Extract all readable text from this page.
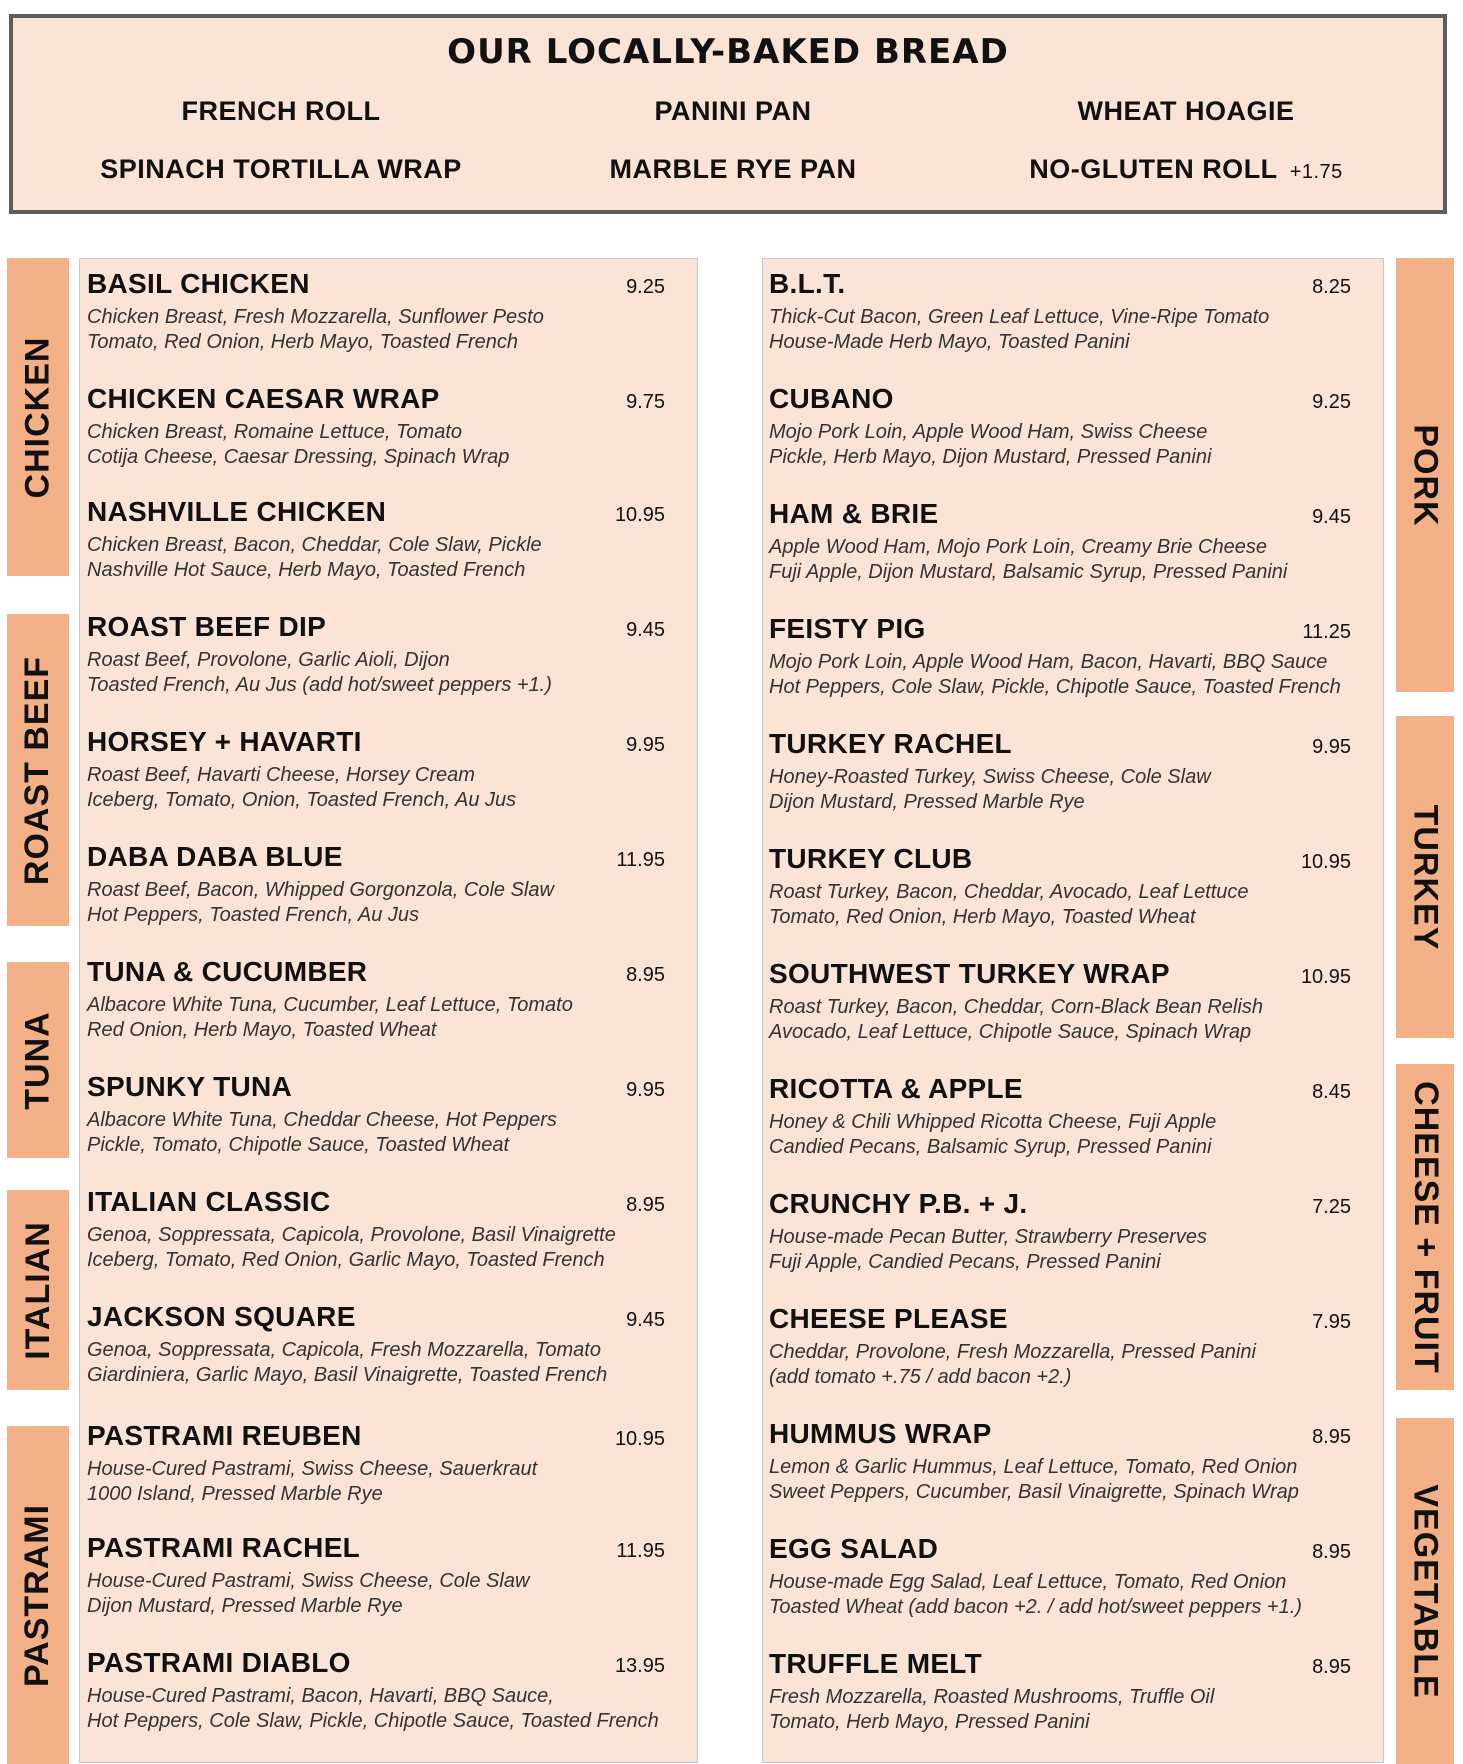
OUR LOCALLY-BAKED BREAD
FRENCH ROLL	PANINI PAN	WHEAT HOAGIE
SPINACH TORTILLA WRAP	MARBLE RYE PAN	NO-GLUTEN ROLL +1.75
CHICKEN
ROAST BEEF
TUNA
ITALIAN
PASTRAMI
PORK
TURKEY
CHEESE + FRUIT
VEGETABLE
BASIL CHICKEN	9.25
Chicken Breast, Fresh Mozzarella, Sunflower Pesto
Tomato, Red Onion, Herb Mayo, Toasted French
CHICKEN CAESAR WRAP	9.75
Chicken Breast, Romaine Lettuce, Tomato
Cotija Cheese, Caesar Dressing, Spinach Wrap
NASHVILLE CHICKEN	10.95
Chicken Breast, Bacon, Cheddar, Cole Slaw, Pickle
Nashville Hot Sauce, Herb Mayo, Toasted French
ROAST BEEF DIP	9.45
Roast Beef, Provolone, Garlic Aioli, Dijon
Toasted French, Au Jus (add hot/sweet peppers +1.)
HORSEY + HAVARTI	9.95
Roast Beef, Havarti Cheese, Horsey Cream
Iceberg, Tomato, Onion, Toasted French, Au Jus
DABA DABA BLUE	11.95
Roast Beef, Bacon, Whipped Gorgonzola, Cole Slaw
Hot Peppers, Toasted French, Au Jus
TUNA & CUCUMBER	8.95
Albacore White Tuna, Cucumber, Leaf Lettuce, Tomato
Red Onion, Herb Mayo, Toasted Wheat
SPUNKY TUNA	9.95
Albacore White Tuna, Cheddar Cheese, Hot Peppers
Pickle, Tomato, Chipotle Sauce, Toasted Wheat
ITALIAN CLASSIC	8.95
Genoa, Soppressata, Capicola, Provolone, Basil Vinaigrette
Iceberg, Tomato, Red Onion, Garlic Mayo, Toasted French
JACKSON SQUARE	9.45
Genoa, Soppressata, Capicola, Fresh Mozzarella, Tomato
Giardiniera, Garlic Mayo, Basil Vinaigrette, Toasted French
PASTRAMI REUBEN	10.95
House-Cured Pastrami, Swiss Cheese, Sauerkraut
1000 Island, Pressed Marble Rye
PASTRAMI RACHEL	11.95
House-Cured Pastrami, Swiss Cheese, Cole Slaw
Dijon Mustard, Pressed Marble Rye
PASTRAMI DIABLO	13.95
House-Cured Pastrami, Bacon, Havarti, BBQ Sauce,
Hot Peppers, Cole Slaw, Pickle, Chipotle Sauce, Toasted French
B.L.T.	8.25
Thick-Cut Bacon, Green Leaf Lettuce, Vine-Ripe Tomato
House-Made Herb Mayo, Toasted Panini
CUBANO	9.25
Mojo Pork Loin, Apple Wood Ham, Swiss Cheese
Pickle, Herb Mayo, Dijon Mustard, Pressed Panini
HAM & BRIE	9.45
Apple Wood Ham, Mojo Pork Loin, Creamy Brie Cheese
Fuji Apple, Dijon Mustard, Balsamic Syrup, Pressed Panini
FEISTY PIG	11.25
Mojo Pork Loin, Apple Wood Ham, Bacon, Havarti, BBQ Sauce
Hot Peppers, Cole Slaw, Pickle, Chipotle Sauce, Toasted French
TURKEY RACHEL	9.95
Honey-Roasted Turkey, Swiss Cheese, Cole Slaw
Dijon Mustard, Pressed Marble Rye
TURKEY CLUB	10.95
Roast Turkey, Bacon, Cheddar, Avocado, Leaf Lettuce
Tomato, Red Onion, Herb Mayo, Toasted Wheat
SOUTHWEST TURKEY WRAP	10.95
Roast Turkey, Bacon, Cheddar, Corn-Black Bean Relish
Avocado, Leaf Lettuce, Chipotle Sauce, Spinach Wrap
RICOTTA & APPLE	8.45
Honey & Chili Whipped Ricotta Cheese, Fuji Apple
Candied Pecans, Balsamic Syrup, Pressed Panini
CRUNCHY P.B. + J.	7.25
House-made Pecan Butter, Strawberry Preserves
Fuji Apple, Candied Pecans, Pressed Panini
CHEESE PLEASE	7.95
Cheddar, Provolone, Fresh Mozzarella, Pressed Panini
(add tomato +.75 / add bacon +2.)
HUMMUS WRAP	8.95
Lemon & Garlic Hummus, Leaf Lettuce, Tomato, Red Onion
Sweet Peppers, Cucumber, Basil Vinaigrette, Spinach Wrap
EGG SALAD	8.95
House-made Egg Salad, Leaf Lettuce, Tomato, Red Onion
Toasted Wheat (add bacon +2. / add hot/sweet peppers +1.)
TRUFFLE MELT	8.95
Fresh Mozzarella, Roasted Mushrooms, Truffle Oil
Tomato, Herb Mayo, Pressed Panini
